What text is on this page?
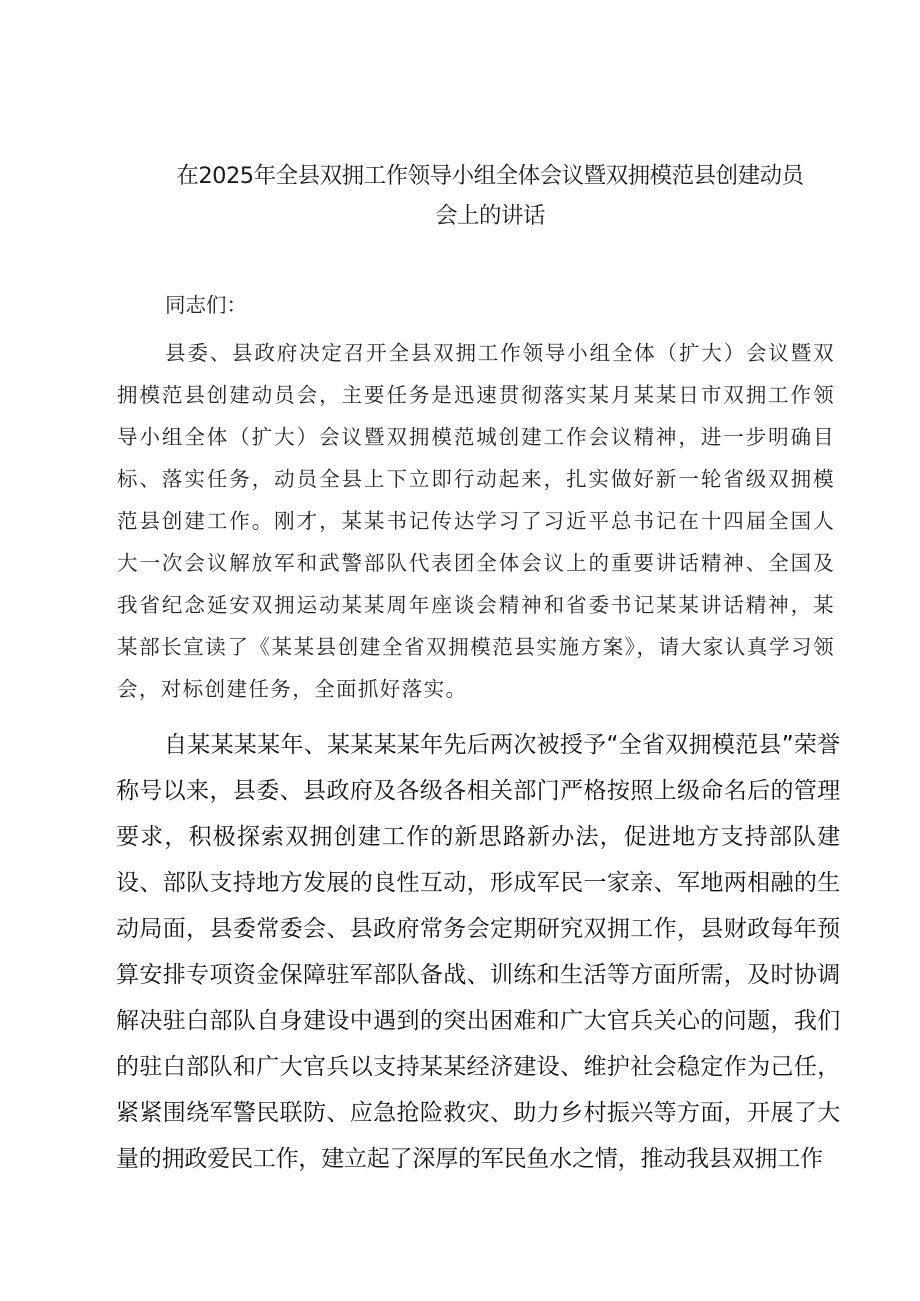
在2025年全县双拥工作领导小组全体会议暨双拥模范县创建动员
会上的讲话

同志们：

县委、县政府决定召开全县双拥工作领导小组全体（扩大）会议暨双拥模范县创建动员会，主要任务是迅速贯彻落实某月某某日市双拥工作领导小组全体（扩大）会议暨双拥模范城创建工作会议精神，进一步明确目标、落实任务，动员全县上下立即行动起来，扎实做好新一轮省级双拥模范县创建工作。刚才，某某书记传达学习了习近平总书记在十四届全国人大一次会议解放军和武警部队代表团全体会议上的重要讲话精神、全国及我省纪念延安双拥运动某某周年座谈会精神和省委书记某某讲话精神，某某部长宣读了《某某县创建全省双拥模范县实施方案》，请大家认真学习领会，对标创建任务，全面抓好落实。

自某某某某年、某某某某年先后两次被授予“全省双拥模范县”荣誉称号以来，县委、县政府及各级各相关部门严格按照上级命名后的管理要求，积极探索双拥创建工作的新思路新办法，促进地方支持部队建设、部队支持地方发展的良性互动，形成军民一家亲、军地两相融的生动局面，县委常委会、县政府常务会定期研究双拥工作，县财政每年预算安排专项资金保障驻军部队备战、训练和生活等方面所需，及时协调解决驻白部队自身建设中遇到的突出困难和广大官兵关心的问题，我们的驻白部队和广大官兵以支持某某经济建设、维护社会稳定作为己任，紧紧围绕军警民联防、应急抢险救灾、助力乡村振兴等方面，开展了大量的拥政爱民工作，建立起了深厚的军民鱼水之情，推动我县双拥工作
